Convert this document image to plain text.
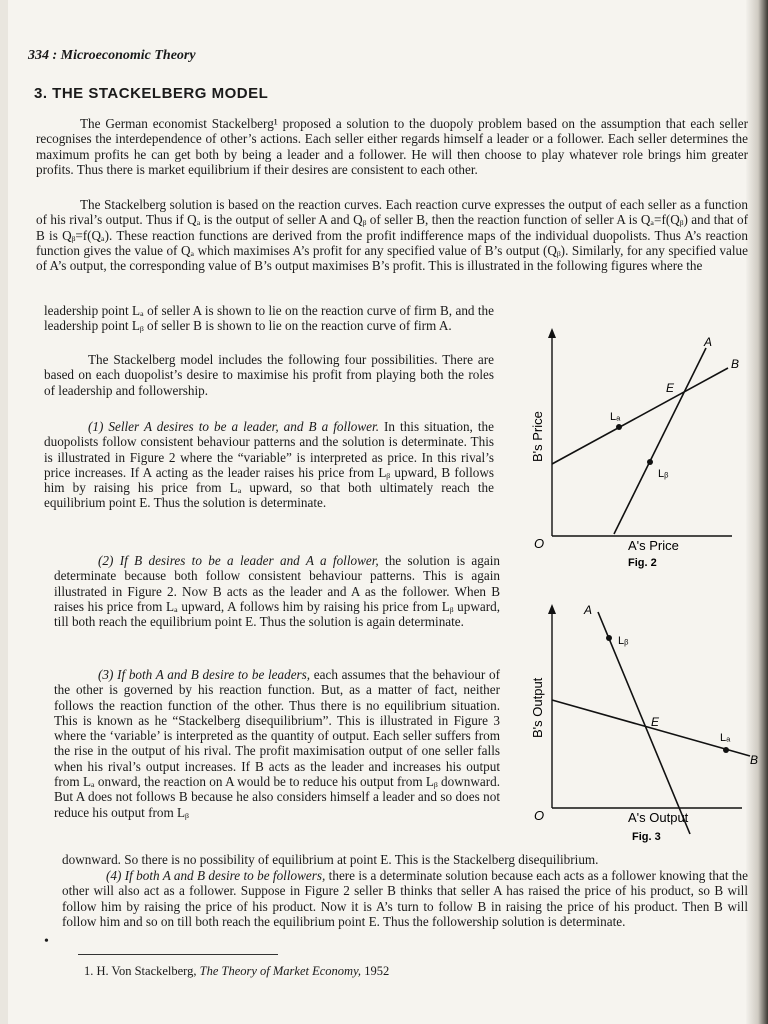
334 : Microeconomic Theory
3. THE STACKELBERG MODEL

The German economist Stackelberg¹ proposed a solution to the duopoly problem based on the assumption that each seller recognises the interdependence of other’s actions. Each seller either regards himself a leader or a follower. Each seller determines the maximum profits he can get both by being a leader and a follower. He will then choose to play whatever role brings him greater profits. Thus there is market equilibrium if their desires are consistent to each other.

The Stackelberg solution is based on the reaction curves. Each reaction curve expresses the output of each seller as a function of his rival’s output. Thus if Qₐ is the output of seller A and Qᵦ of seller B, then the reaction function of seller A is Qₐ=f(Qᵦ) and that of B is Qᵦ=f(Qₐ). These reaction functions are derived from the profit indifference maps of the individual duopolists. Thus A’s reaction function gives the value of Qₐ which maximises A’s profit for any specified value of B’s output (Qᵦ). Similarly, for any specified value of A’s output, the corresponding value of B’s output maximises B’s profit. This is illustrated in the following figures where the

leadership point Lₐ of seller A is shown to lie on the reaction curve of firm B, and the leadership point Lᵦ of seller B is shown to lie on the reaction curve of firm A.

The Stackelberg model includes the following four possibilities. There are based on each duopolist’s desire to maximise his profit from playing both the roles of leadership and followership.

(1) Seller A desires to be a leader, and B a follower. In this situation, the duopolists follow consistent behaviour patterns and the solution is determinate. This is illustrated in Figure 2 where the “variable” is interpreted as price. In this rival’s price increases. If A acting as the leader raises his price from Lᵦ upward, B follows him by raising his price from Lₐ upward, so that both ultimately reach the equilibrium point E. Thus the solution is determinate.

(2) If B desires to be a leader and A a follower, the solution is again determinate because both follow consistent behaviour patterns. This is again illustrated in Figure 2. Now B acts as the leader and A as the follower. When B raises his price from Lₐ upward, A follows him by raising his price from Lᵦ upward, till both reach the equilibrium point E. Thus the solution is again determinate.

(3) If both A and B desire to be leaders, each assumes that the behaviour of the other is governed by his reaction function. But, as a matter of fact, neither follows the reaction function of the other. Thus there is no equilibrium situation. This is known as he “Stackelberg disequilibrium”. This is illustrated in Figure 3 where the ‘variable’ is interpreted as the quantity of output. Each seller suffers from the rise in the output of his rival. The profit maximisation output of one seller falls when his rival’s output increases. If B acts as the leader and increases his output from Lₐ onward, the reaction on A would be to reduce his output from Lᵦ downward. But A does not follows B because he also considers himself a leader and so does not reduce his output from Lᵦ

downward. So there is no possibility of equilibrium at point E. This is the Stackelberg disequilibrium.

(4) If both A and B desire to be followers, there is a determinate solution because each acts as a follower knowing that the other will also act as a follower. Suppose in Figure 2 seller B thinks that seller A has raised the price of his product, so B will follow him by raising the price of his product. Now it is A’s turn to follow B in raising the price of his product. Then B will follow him and so on till both reach the equilibrium point E. Thus the followership solution is determinate.

•
1. H. Von Stackelberg, The Theory of Market Economy, 1952
A
B
E
Lₐ
Lᵦ
O	A's Price
B's Price
Fig. 2
A
B
E
Lᵦ
Lₐ
O	A's Output
B's Output
Fig. 3
